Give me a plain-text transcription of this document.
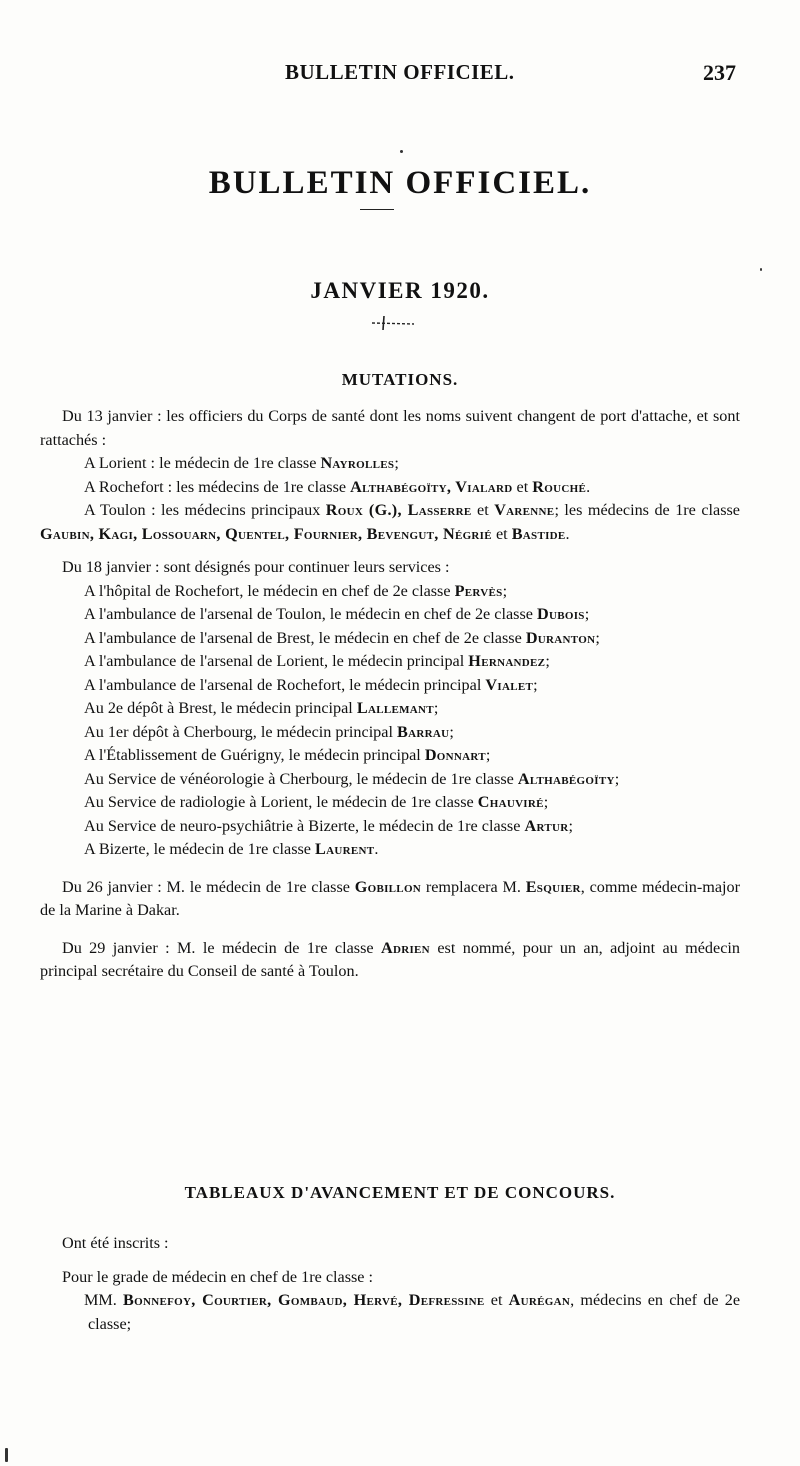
BULLETIN OFFICIEL.	237
BULLETIN OFFICIEL.
JANVIER 1920.
MUTATIONS.

Du 13 janvier : les officiers du Corps de santé dont les noms suivent changent de port d'attache, et sont rattachés :

A Lorient : le médecin de 1re classe Nayrolles;

A Rochefort : les médecins de 1re classe Althabégoïty, Vialard et Rouché.

A Toulon : les médecins principaux Roux (G.), Lasserre et Varenne; les médecins de 1re classe Gaubin, Kagi, Lossouarn, Quentel, Fournier, Bevengut, Négrié et Bastide.

Du 18 janvier : sont désignés pour continuer leurs services :

A l'hôpital de Rochefort, le médecin en chef de 2e classe Pervès;

A l'ambulance de l'arsenal de Toulon, le médecin en chef de 2e classe Dubois;

A l'ambulance de l'arsenal de Brest, le médecin en chef de 2e classe Duranton;

A l'ambulance de l'arsenal de Lorient, le médecin principal Hernandez;

A l'ambulance de l'arsenal de Rochefort, le médecin principal Vialet;

Au 2e dépôt à Brest, le médecin principal Lallemant;

Au 1er dépôt à Cherbourg, le médecin principal Barrau;

A l'Établissement de Guérigny, le médecin principal Donnart;

Au Service de vénéorologie à Cherbourg, le médecin de 1re classe Althabégoïty;

Au Service de radiologie à Lorient, le médecin de 1re classe Chauviré;

Au Service de neuro-psychiâtrie à Bizerte, le médecin de 1re classe Artur;

A Bizerte, le médecin de 1re classe Laurent.

Du 26 janvier : M. le médecin de 1re classe Gobillon remplacera M. Esquier, comme médecin-major de la Marine à Dakar.

Du 29 janvier : M. le médecin de 1re classe Adrien est nommé, pour un an, adjoint au médecin principal secrétaire du Conseil de santé à Toulon.

TABLEAUX D'AVANCEMENT ET DE CONCOURS.

Ont été inscrits :

Pour le grade de médecin en chef de 1re classe :

MM. Bonnefoy, Courtier, Gombaud, Hervé, Defressine et Aurégan, médecins en chef de 2e classe;
